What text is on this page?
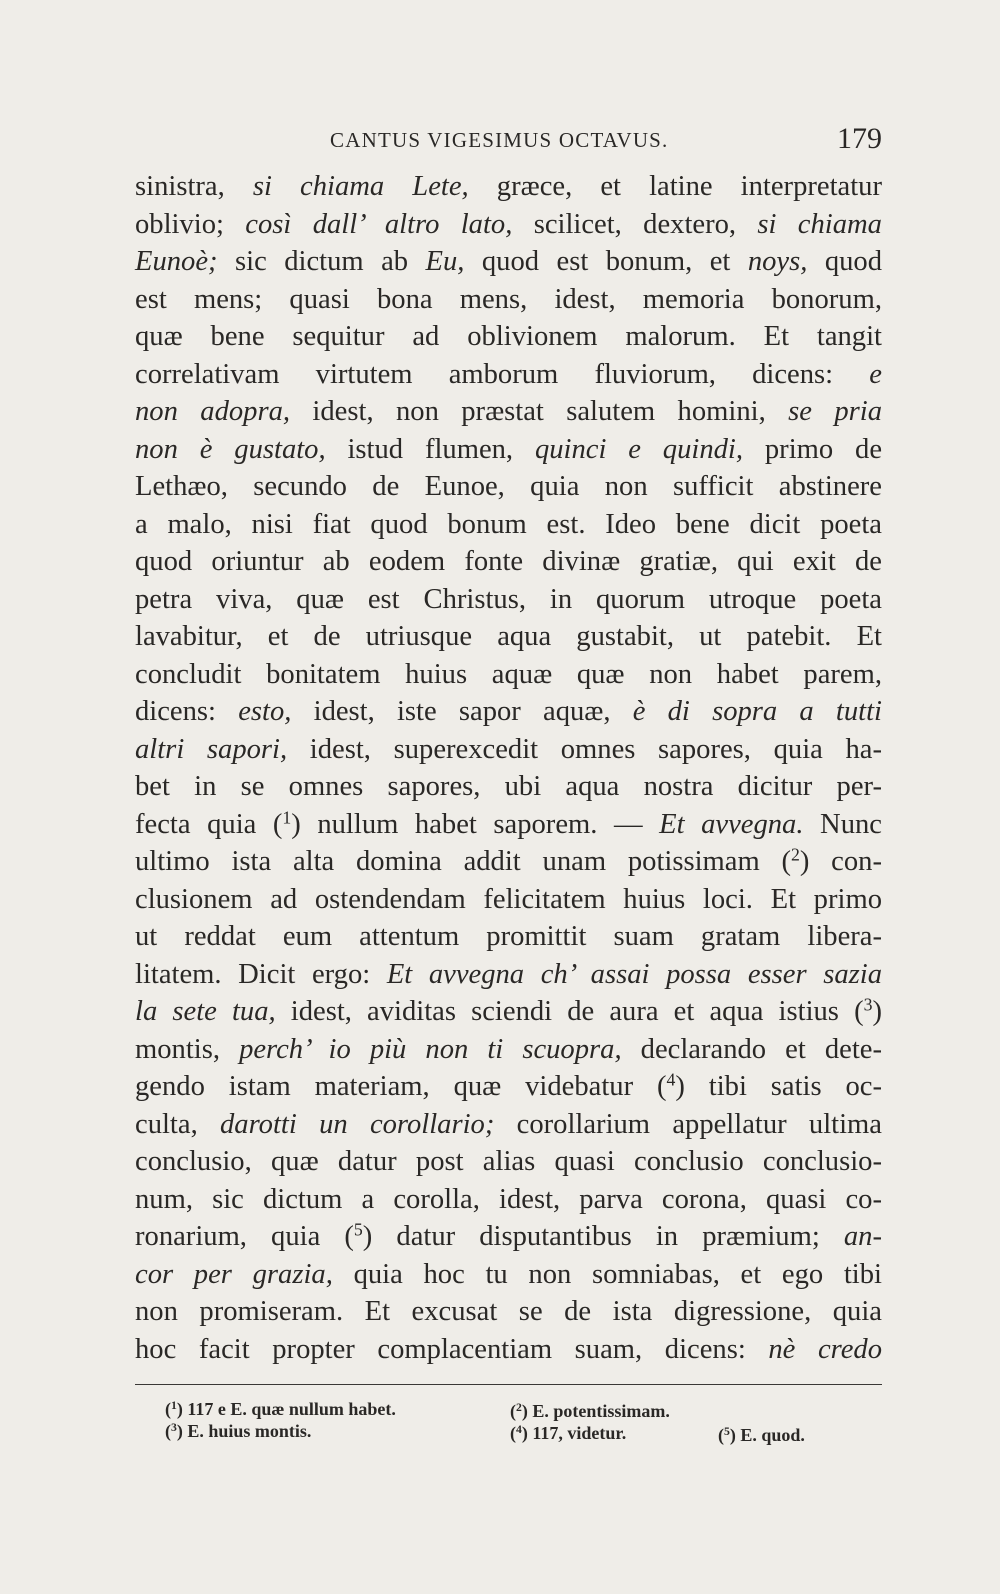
CANTUS VIGESIMUS OCTAVUS.	179
sinistra, si chiama Lete, græce, et latine interpretatur
oblivio; così dall’ altro lato, scilicet, dextero, si chiama
Eunoè; sic dictum ab Eu, quod est bonum, et noys, quod
est mens; quasi bona mens, idest, memoria bonorum,
quæ bene sequitur ad oblivionem malorum. Et tangit
correlativam virtutem amborum fluviorum, dicens: e
non adopra, idest, non præstat salutem homini, se pria
non è gustato, istud flumen, quinci e quindi, primo de
Lethæo, secundo de Eunoe, quia non sufficit abstinere
a malo, nisi fiat quod bonum est. Ideo bene dicit poeta
quod oriuntur ab eodem fonte divinæ gratiæ, qui exit de
petra viva, quæ est Christus, in quorum utroque poeta
lavabitur, et de utriusque aqua gustabit, ut patebit. Et
concludit bonitatem huius aquæ quæ non habet parem,
dicens: esto, idest, iste sapor aquæ, è di sopra a tutti
altri sapori, idest, superexcedit omnes sapores, quia ha-
bet in se omnes sapores, ubi aqua nostra dicitur per-
fecta quia ($^1$) nullum habet saporem. — Et avvegna. Nunc
ultimo ista alta domina addit unam potissimam ($^2$) con-
clusionem ad ostendendam felicitatem huius loci. Et primo
ut reddat eum attentum promittit suam gratam libera-
litatem. Dicit ergo: Et avvegna ch’ assai possa esser sazia
la sete tua, idest, aviditas sciendi de aura et aqua istius ($^3$)
montis, perch’ io più non ti scuopra, declarando et dete-
gendo istam materiam, quæ videbatur ($^4$) tibi satis oc-
culta, darotti un corollario; corollarium appellatur ultima
conclusio, quæ datur post alias quasi conclusio conclusio-
num, sic dictum a corolla, idest, parva corona, quasi co-
ronarium, quia ($^5$) datur disputantibus in præmium; an-
cor per grazia, quia hoc tu non somniabas, et ego tibi
non promiseram. Et excusat se de ista digressione, quia
hoc facit propter complacentiam suam, dicens: nè credo
($^1$) 117 e E. quæ nullum habet.	($^2$) E. potentissimam.
($^3$) E. huius montis.	($^4$) 117, videtur.	($^5$) E. quod.
